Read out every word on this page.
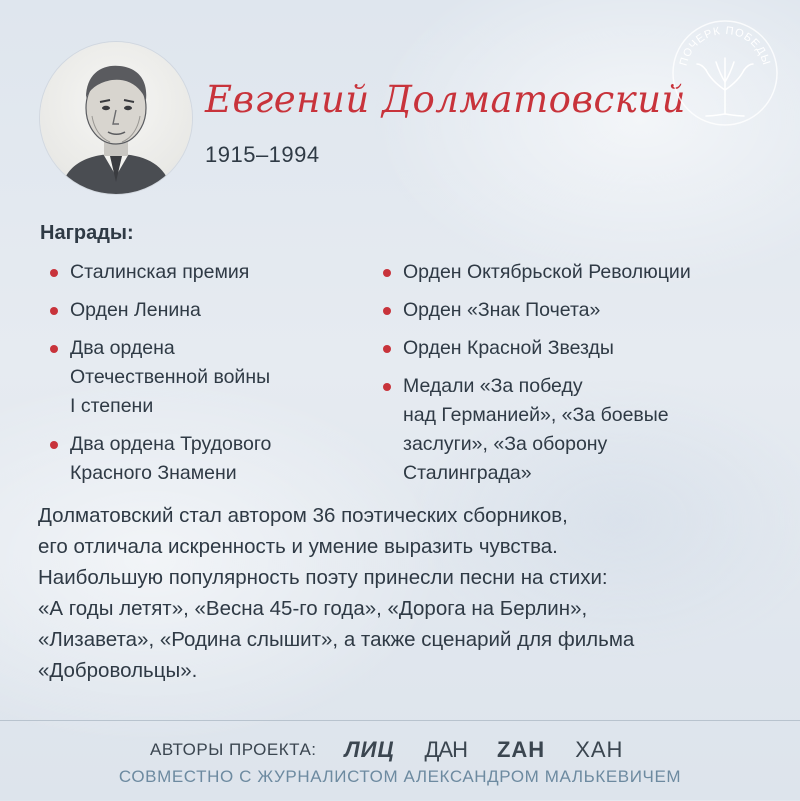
Евгений Долматовский
1915–1994
ПОЧЕРК ПОБЕДЫ
Награды:
Сталинская премия
Орден Ленина
Два ордена
Отечественной войны
I степени
Два ордена Трудового
Красного Знамени
Орден Октябрьской Революции
Орден «Знак Почета»
Орден Красной Звезды
Медали «За победу
над Германией», «За боевые
заслуги», «За оборону
Сталинграда»

Долматовский стал автором 36 поэтических сборников,

его отличала искренность и умение выразить чувства.

Наибольшую популярность поэту принесли песни на стихи:

«А годы летят», «Весна 45-го года», «Дорога на Берлин»,

«Лизавета», «Родина слышит», а также сценарий для фильма

«Добровольцы».

АВТОРЫ ПРОЕКТА: ЛИЦ ДАН ZАН ХАН
СОВМЕСТНО С ЖУРНАЛИСТОМ АЛЕКСАНДРОМ МАЛЬКЕВИЧЕМ
